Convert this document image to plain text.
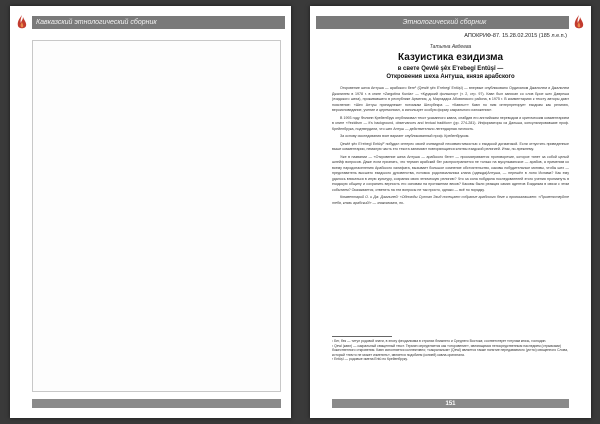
Кавказский этнологический сборник	Этнологический сборник
АПОКРИФ-87. 15.28.02.2015 (185 л.е.п.)
Татьяна Авдеева
Казуистика езидизма
в свете Qewlê şêx E'rebegî Entûşî —
Откровения шеха Антуша, князя арабского

Откровение шеха Антуша — арабского беге¹ (Qewlê şêx E'rebegî Entûşî) — впервые опубликовано Ордиханом Джалилем и Джалилем Джалилем в 1978 г. в книге «Zargotina Kurda» — «Курдский фольклор» (т. 2, стр. 97). Кавл был записан со слов Брое шех Давреша (езидского шеха), проживавшего в республике Армения, д. Маргадара Абовянского района, в 1975 г. В комментариях к тексту авторы дают пояснение: «Шех Антуш принадлежит потомкам Шехубекра — «Кавлы»» Кавл по ним интерпретирует езидизм как религию, вероисповедание, учение и церемониал, а использует особую форму сакрального изложения».

В 1993 году Филипп Крейенбрук опубликовал текст указанного кавла, снабдив его английским переводом и критическим комментарием в книге «Yezidism — it's background, observances and textual tradition» (pp. 274-281). Информаторы из Дальша, консультировавшие проф. Крейенбрука, подтвердили, что шех Антуш — действительно легендарная личность.

За основу исследования взят вариант опубликованный проф. Крейенбруком.

Qewlê şêx E'rebegî Entûşî² побудил интерес своей очевидной несовместимостью с езидской догматикой. Если отпустить приведенные выше комментарии, немалую часть его текста занимают повторяющиеся клятвы езидской религией. Итак, по-прежнему.

Уже в названии — «Откровение шеха Антуша — арабского беге» — просматривается противоречие, которое тянет за собой целый шлейф вопросов. Даже если признать, что термин арабский бег распространяется не только на мусульманское — арабов, а применим ко всему народонаселению Арабского халифата, вызывает большое сомнение обстоятельство, каковы побудительные мотивы, чтобы шех — представитель высшего езидского духовенства, потомок родоначальника клана (одежда)Антуша, — перешёл в лоно Ислама? Как ему удалось вписаться в иную культуру, сохраняя свою этническую религию? Что за сила побудила последователей этого учения проникнуть в езидскую общину и сохранить верность его основам на протяжении веков? Каковы были реакция самих адептов Езидизма в связи с этим событием? Оказывается, ответить на эти вопросы не так просто, однако — всё по порядку.

Комментарий О. и Дж. Джалилей: «Одножды Султан Эзид посещает собрание арабского беге и провозглашает: «Приветствуйте тебя, князь арабский!» — знакомимся, по-

¹ Бег, бек — титул родовой знати, в эпоху феодализма в странах ближнего и Среднего Востока; соответствует титулам князь, господин.

² Qewl (кавл) — сакральный священный текст. Термин определяется как «откровение», являющимся непосредственным наследием (отрывками) божественного откровения. Кавл исполняется коллективно; «сакральным» (Qewl) является также понятие передаваемого (устно) священного Слова, который «ничто не может изменить», является подобием (копией) кавла-оригинала.

³ Entûşî — родовые имена Entû по Крейенбруку.

151
